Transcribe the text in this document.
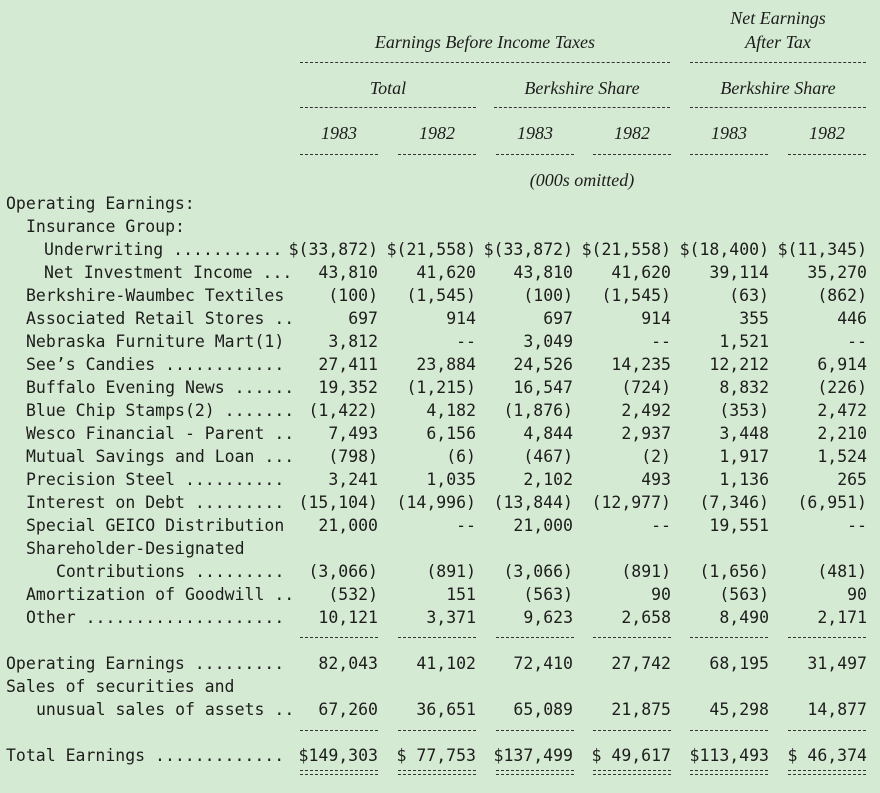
Earnings Before Income Taxes
Net Earnings
After Tax
Total	Berkshire Share	Berkshire Share
1983	1982	1983	1982	1983	1982
(000s omitted)
Operating Earnings:
Insurance Group:
Underwriting ........... $(33,872) $(21,558) $(33,872) $(21,558) $(18,400) $(11,345)
Net Investment Income ...	43,810	41,620	43,810	41,620	39,114	35,270
Berkshire-Waumbec Textiles	(100)	(1,545)	(100)	(1,545)	(63)	(862)
Associated Retail Stores ..	697	914	697	914	355	446
Nebraska Furniture Mart(1)	3,812	--	3,049	--	1,521	--
See’s Candies ............	27,411	23,884	24,526	14,235	12,212	6,914
Buffalo Evening News ......	19,352	(1,215)	16,547	(724)	8,832	(226)
Blue Chip Stamps(2) ....... (1,422)	4,182	(1,876)	2,492	(353)	2,472
Wesco Financial - Parent ..	7,493	6,156	4,844	2,937	3,448	2,210
Mutual Savings and Loan ...	(798)	(6)	(467)	(2)	1,917	1,524
Precision Steel ..........	3,241	1,035	2,102	493	1,136	265
Interest on Debt ......... (15,104)	(14,996)	(13,844)	(12,977)	(7,346)	(6,951)
Special GEICO Distribution	21,000	--	21,000	--	19,551	--
Shareholder-Designated
Contributions .........	(3,066)	(891)	(3,066)	(891)	(1,656)	(481)
Amortization of Goodwill ..	(532)	151	(563)	90	(563)	90
Other ....................	10,121	3,371	9,623	2,658	8,490	2,171
Operating Earnings .........	82,043	41,102	72,410	27,742	68,195	31,497
Sales of securities and
unusual sales of assets ..	67,260	36,651	65,089	21,875	45,298	14,877
Total Earnings ............. $149,303	$ 77,753	$137,499	$ 49,617	$113,493	$ 46,374
